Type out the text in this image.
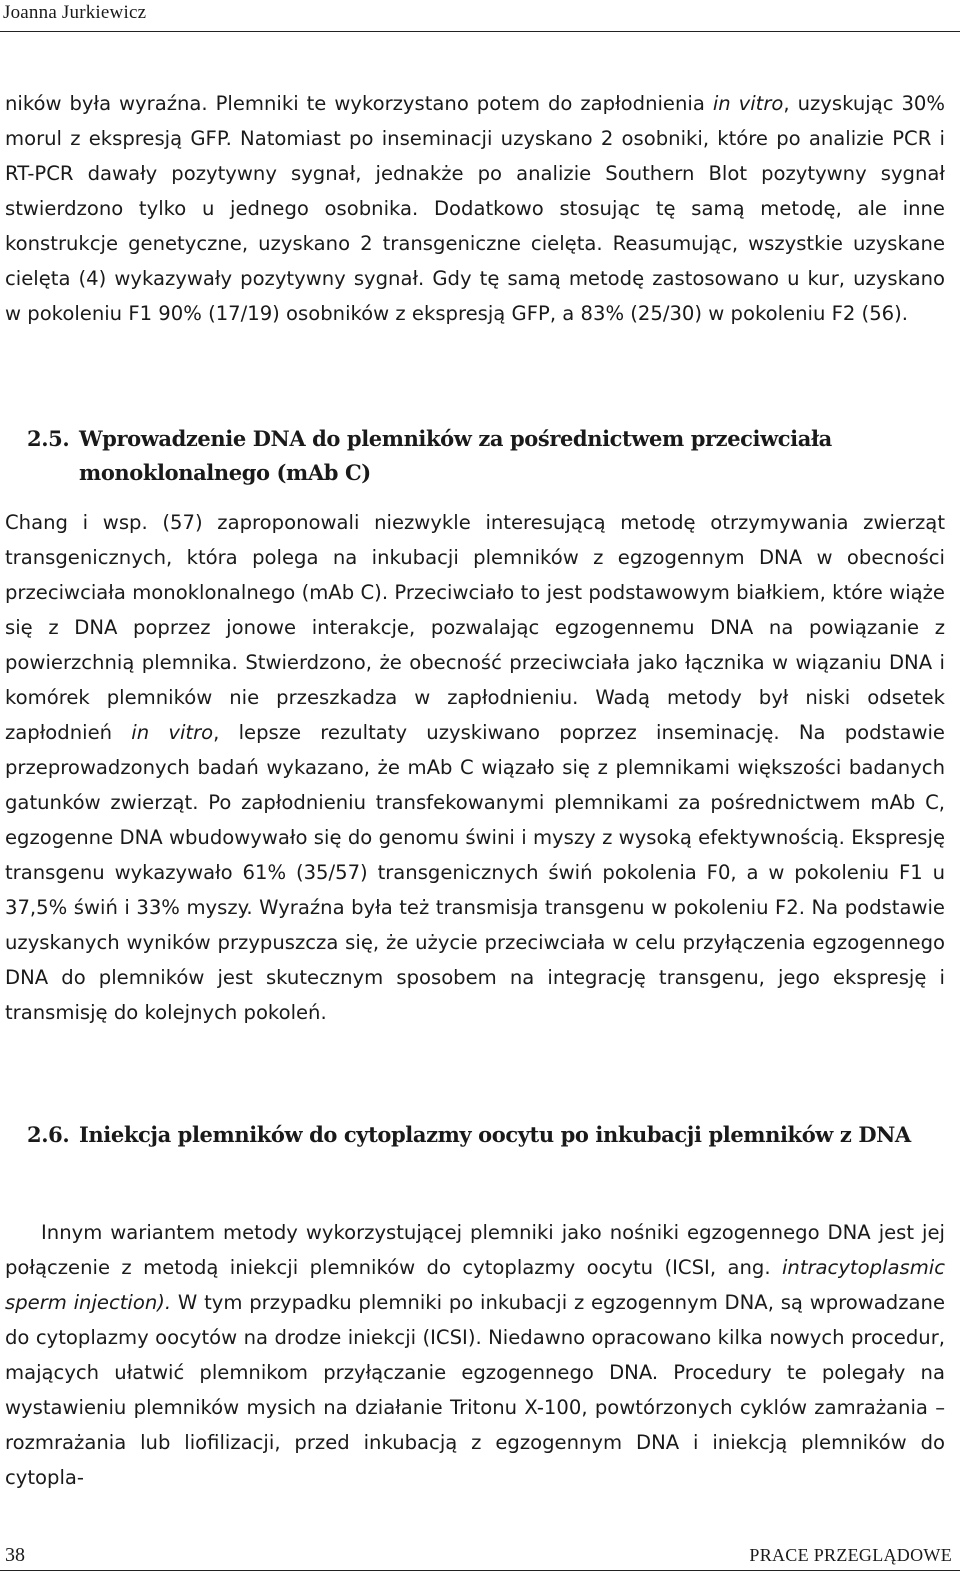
Joanna Jurkiewicz

ników była wyraźna. Plemniki te wykorzystano potem do zapłodnienia in vitro, uzyskując 30% morul z ekspresją GFP. Natomiast po inseminacji uzyskano 2 osobniki, które po analizie PCR i RT-PCR dawały pozytywny sygnał, jednakże po analizie Southern Blot pozytywny sygnał stwierdzono tylko u jednego osobnika. Dodatkowo stosując tę samą metodę, ale inne konstrukcje genetyczne, uzyskano 2 transgeniczne cielęta. Reasumując, wszystkie uzyskane cielęta (4) wykazywały pozytywny sygnał. Gdy tę samą metodę zastosowano u kur, uzyskano w pokoleniu F1 90% (17/19) osobników z ekspresją GFP, a 83% (25/30) w pokoleniu F2 (56).

2.5. Wprowadzenie DNA do plemników za pośrednictwem przeciwciała monoklonalnego (mAb C)

Chang i wsp. (57) zaproponowali niezwykle interesującą metodę otrzymywania zwierząt transgenicznych, która polega na inkubacji plemników z egzogennym DNA w obecności przeciwciała monoklonalnego (mAb C). Przeciwciało to jest podstawowym białkiem, które wiąże się z DNA poprzez jonowe interakcje, pozwalając egzogennemu DNA na powiązanie z powierzchnią plemnika. Stwierdzono, że obecność przeciwciała jako łącznika w wiązaniu DNA i komórek plemników nie przeszkadza w zapłodnieniu. Wadą metody był niski odsetek zapłodnień in vitro, lepsze rezultaty uzyskiwano poprzez inseminację. Na podstawie przeprowadzonych badań wykazano, że mAb C wiązało się z plemnikami większości badanych gatunków zwierząt. Po zapłodnieniu transfekowanymi plemnikami za pośrednictwem mAb C, egzogenne DNA wbudowywało się do genomu świni i myszy z wysoką efektywnością. Ekspresję transgenu wykazywało 61% (35/57) transgenicznych świń pokolenia F0, a w pokoleniu F1 u 37,5% świń i 33% myszy. Wyraźna była też transmisja transgenu w pokoleniu F2. Na podstawie uzyskanych wyników przypuszcza się, że użycie przeciwciała w celu przyłączenia egzogennego DNA do plemników jest skutecznym sposobem na integrację transgenu, jego ekspresję i transmisję do kolejnych pokoleń.

2.6. Iniekcja plemników do cytoplazmy oocytu po inkubacji plemników z DNA

Innym wariantem metody wykorzystującej plemniki jako nośniki egzogennego DNA jest jej połączenie z metodą iniekcji plemników do cytoplazmy oocytu (ICSI, ang. intracytoplasmic sperm injection). W tym przypadku plemniki po inkubacji z egzogennym DNA, są wprowadzane do cytoplazmy oocytów na drodze iniekcji (ICSI). Niedawno opracowano kilka nowych procedur, mających ułatwić plemnikom przyłączanie egzogennego DNA. Procedury te polegały na wystawieniu plemników mysich na działanie Tritonu X-100, powtórzonych cyklów zamrażania – rozmrażania lub liofilizacji, przed inkubacją z egzogennym DNA i iniekcją plemników do cytopla-

38	PRACE PRZEGLĄDOWE
